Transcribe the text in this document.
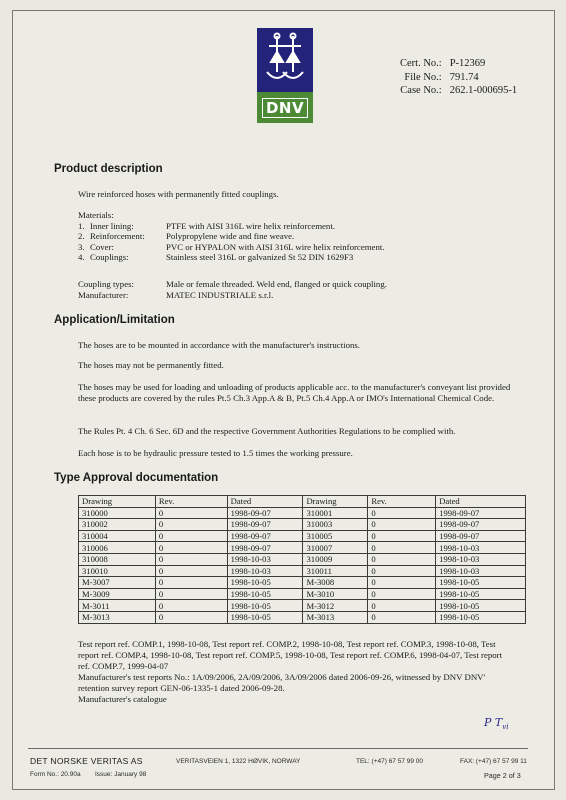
DNV
Cert. No.:	P-12369
File No.:	791.74
Case No.:	262.1-000695-1
Product description
Wire reinforced hoses with permanently fitted couplings.
Materials:
1.	Inner lining:	PTFE with AISI 316L wire helix reinforcement.
2.	Reinforcement:	Polypropylene wide and fine weave.
3.	Cover:	PVC or HYPALON with AISI 316L wire helix reinforcement.
4.	Couplings:	Stainless steel 316L or galvanized St 52 DIN 1629F3
Coupling types:	Male or female threaded. Weld end, flanged or quick coupling.
Manufacturer:	MATEC INDUSTRIALE s.r.l.
Application/Limitation
The hoses are to be mounted in accordance with the manufacturer's instructions.
The hoses may not be permanently fitted.
The hoses may be used for loading and unloading of products applicable acc. to the manufacturer's conveyant list provided these products are covered by the rules Pt.5 Ch.3 App.A & B, Pt.5 Ch.4 App.A or IMO's International Chemical Code.
The Rules Pt. 4 Ch. 6 Sec. 6D and the respective Government Authorities Regulations to be complied with.
Each hose is to be hydraulic pressure tested to 1.5 times the working pressure.
Type Approval documentation
Drawing	Rev.	Dated	Drawing	Rev.	Dated
310000	0	1998-09-07	310001	0	1998-09-07
310002	0	1998-09-07	310003	0	1998-09-07
310004	0	1998-09-07	310005	0	1998-09-07
310006	0	1998-09-07	310007	0	1998-10-03
310008	0	1998-10-03	310009	0	1998-10-03
310010	0	1998-10-03	310011	0	1998-10-03
M-3007	0	1998-10-05	M-3008	0	1998-10-05
M-3009	0	1998-10-05	M-3010	0	1998-10-05
M-3011	0	1998-10-05	M-3012	0	1998-10-05
M-3013	0	1998-10-05	M-3013	0	1998-10-05
Test report ref. COMP.1, 1998-10-08, Test report ref. COMP.2, 1998-10-08, Test report ref. COMP.3, 1998-10-08, Test report ref. COMP.4, 1998-10-08, Test report ref. COMP.5, 1998-10-08, Test report ref. COMP.6, 1998-04-07, Test report ref. COMP.7, 1999-04-07
Manufacturer's test reports No.: 1A/09/2006, 2A/09/2006, 3A/09/2006 dated 2006-09-26, witnessed by DNV DNV' retention survey report GEN-06-1335-1 dated 2006-09-28.
Manufacturer's catalogue
P $T_{vi}$
DET NORSKE VERITAS AS	VERITASVEIEN 1, 1322 HØVIK, NORWAY	TEL: (+47) 67 57 99 00	FAX: (+47) 67 57 99 11
Form No.: 20.90a Issue: January 98	Page 2 of 3
